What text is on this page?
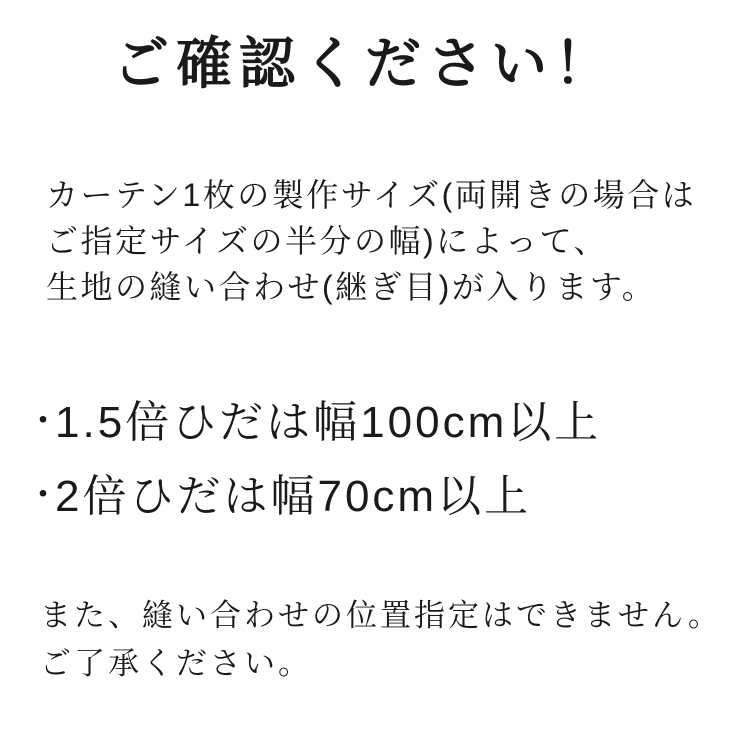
ご確認ください！

カーテン1枚の製作サイズ(両開きの場合は

ご指定サイズの半分の幅)によって、

生地の縫い合わせ(継ぎ目)が入ります。

・
1.5倍ひだは幅100cm以上
・
2倍ひだは幅70cm以上

また、縫い合わせの位置指定はできません。

ご了承ください。
